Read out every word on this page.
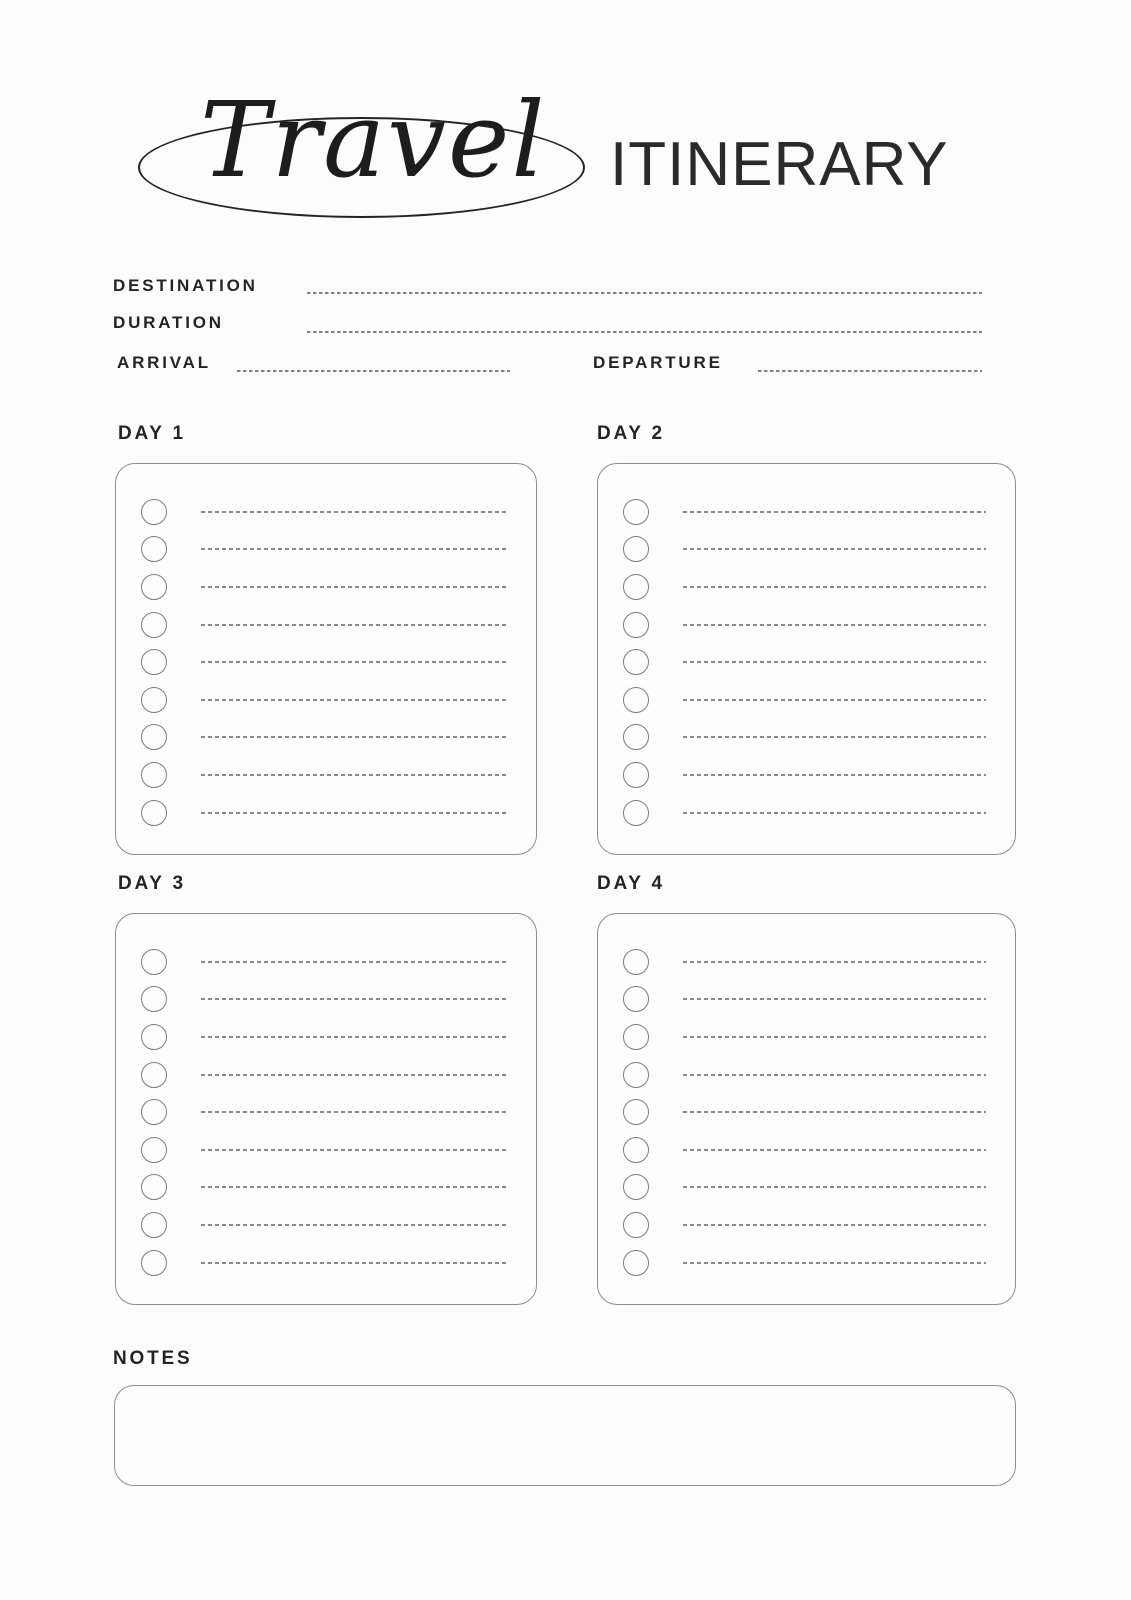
Travel ITINERARY
DESTINATION
DURATION
ARRIVAL	DEPARTURE
DAY 1	DAY 2
DAY 3	DAY 4
NOTES
